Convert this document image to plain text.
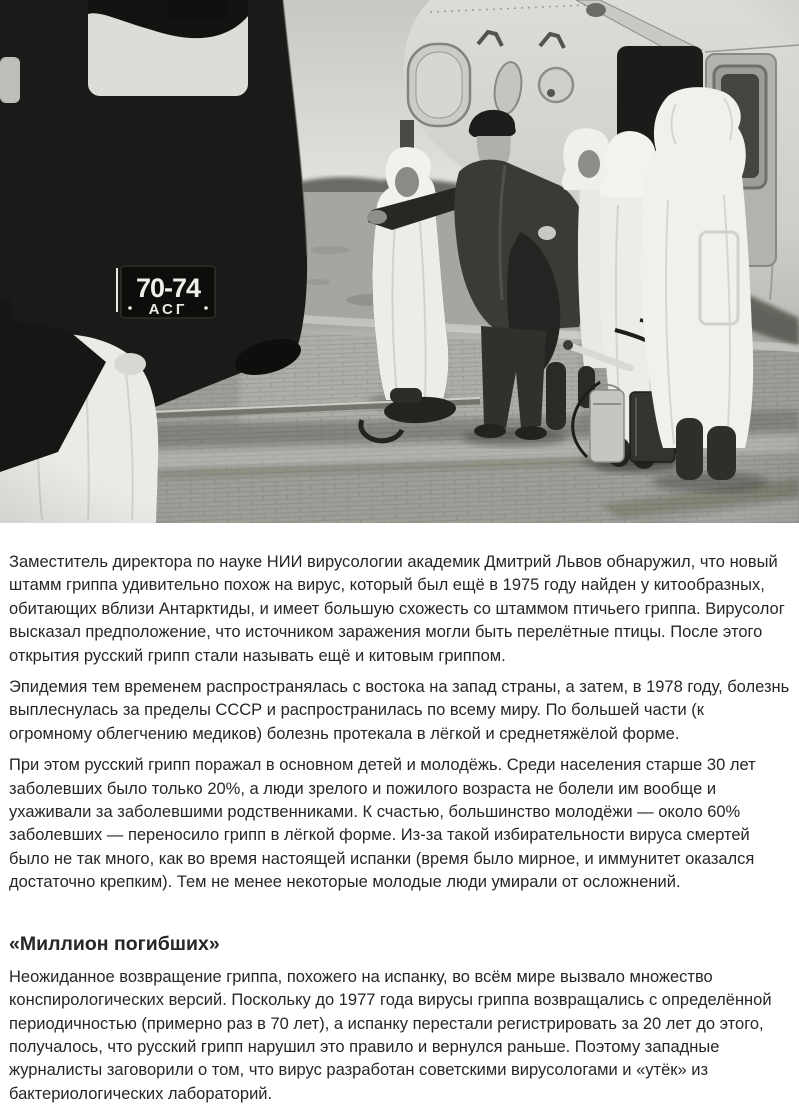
Заместитель директора по науке НИИ вирусологии академик Дмитрий Львов обнаружил, что новый штамм гриппа удивительно похож на вирус, который был ещё в 1975 году найден у китообразных, обитающих вблизи Антарктиды, и имеет большую схожесть со штаммом птичьего гриппа. Вирусолог высказал предположение, что источником заражения могли быть перелётные птицы. После этого открытия русский грипп стали называть ещё и китовым гриппом.

Эпидемия тем временем распространялась с востока на запад страны, а затем, в 1978 году, болезнь выплеснулась за пределы СССР и распространилась по всему миру. По большей части (к огромному облегчению медиков) болезнь протекала в лёгкой и среднетяжёлой форме.

При этом русский грипп поражал в основном детей и молодёжь. Среди населения старше 30 лет заболевших было только 20%, а люди зрелого и пожилого возраста не болели им вообще и ухаживали за заболевшими родственниками. К счастью, большинство молодёжи — около 60% заболевших — переносило грипп в лёгкой форме. Из-за такой избирательности вируса смертей было не так много, как во время настоящей испанки (время было мирное, и иммунитет оказался достаточно крепким). Тем не менее некоторые молодые люди умирали от осложнений.

«Миллион погибших»

Неожиданное возвращение гриппа, похожего на испанку, во всём мире вызвало множество конспирологических версий. Поскольку до 1977 года вирусы гриппа возвращались с определённой периодичностью (примерно раз в 70 лет), а испанку перестали регистрировать за 20 лет до этого, получалось, что русский грипп нарушил это правило и вернулся раньше. Поэтому западные журналисты заговорили о том, что вирус разработан советскими вирусологами и «утёк» из бактериологических лабораторий.
